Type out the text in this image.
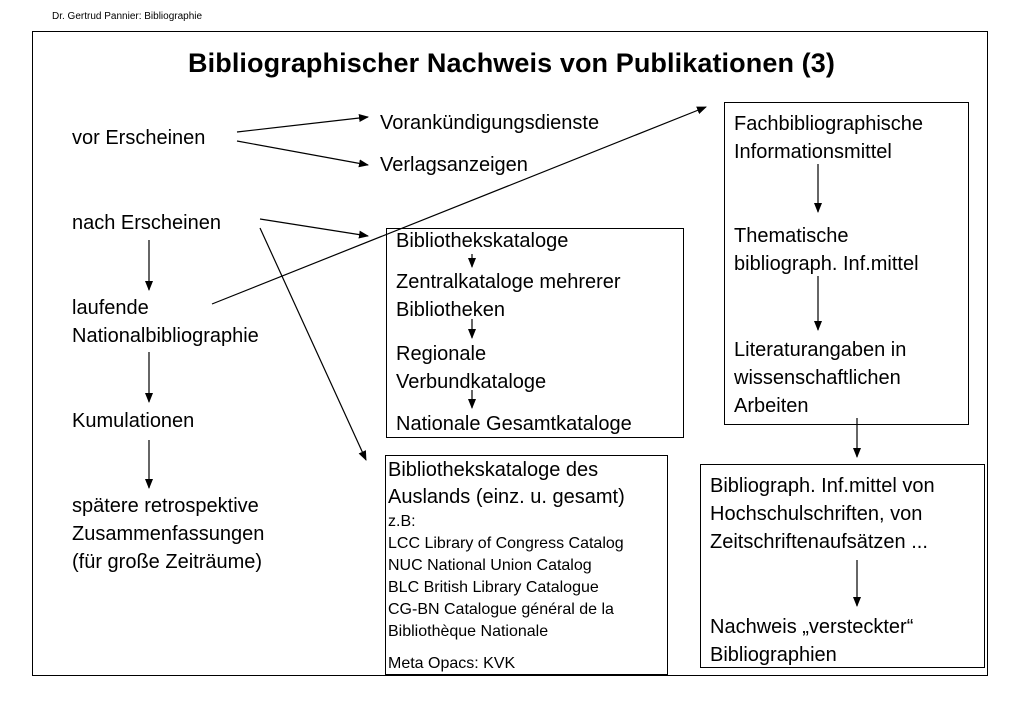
Dr. Gertrud Pannier: Bibliographie
Bibliographischer Nachweis von Publikationen (3)
vor Erscheinen
nach Erscheinen
laufende
Nationalbibliographie
Kumulationen
spätere retrospektive
Zusammenfassungen
(für große Zeiträume)
Vorankündigungsdienste
Verlagsanzeigen
Bibliothekskataloge
Zentralkataloge mehrerer
Bibliotheken
Regionale
Verbundkataloge
Nationale Gesamtkataloge
Bibliothekskataloge des
Auslands (einz. u. gesamt)
z.B:
LCC Library of Congress Catalog
NUC National Union Catalog
BLC British Library Catalogue
CG-BN Catalogue général de la
Bibliothèque Nationale
Meta Opacs: KVK
Fachbibliographische
Informationsmittel
Thematische
bibliograph. Inf.mittel
Literaturangaben in
wissenschaftlichen
Arbeiten
Bibliograph. Inf.mittel von
Hochschulschriften, von
Zeitschriftenaufsätzen ...
Nachweis „versteckter“
Bibliographien
